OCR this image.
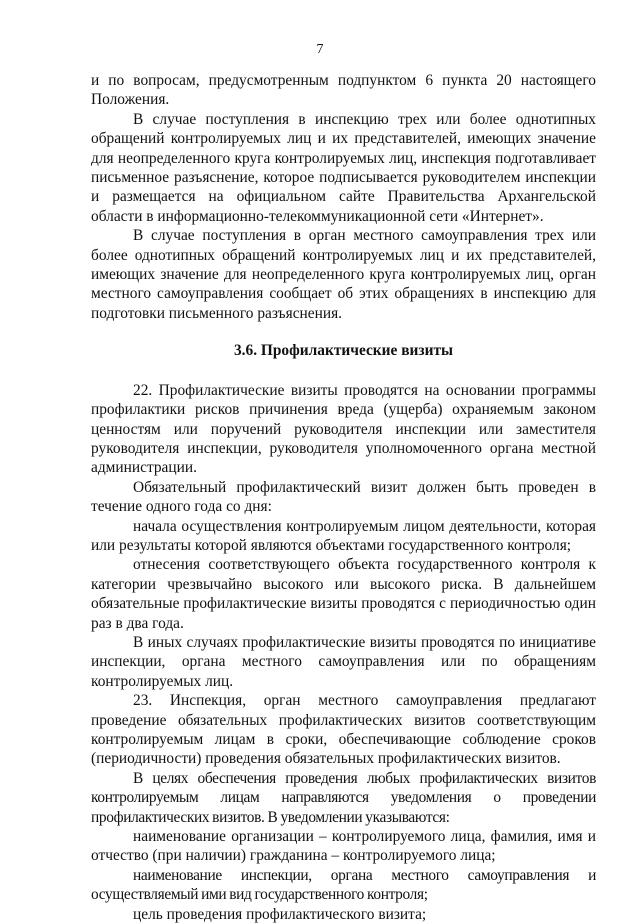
7

и по вопросам, предусмотренным подпунктом 6 пункта 20 настоящего Положения.

В случае поступления в инспекцию трех или более однотипных обращений контролируемых лиц и их представителей, имеющих значение для неопределенного круга контролируемых лиц, инспекция подготавливает письменное разъяснение, которое подписывается руководителем инспекции и размещается на официальном сайте Правительства Архангельской области в информационно-телекоммуникационной сети «Интернет».

В случае поступления в орган местного самоуправления трех или более однотипных обращений контролируемых лиц и их представителей, имеющих значение для неопределенного круга контролируемых лиц, орган местного самоуправления сообщает об этих обращениях в инспекцию для подготовки письменного разъяснения.

3.6. Профилактические визиты

22. Профилактические визиты проводятся на основании программы профилактики рисков причинения вреда (ущерба) охраняемым законом ценностям или поручений руководителя инспекции или заместителя руководителя инспекции, руководителя уполномоченного органа местной администрации.

Обязательный профилактический визит должен быть проведен в течение одного года со дня:

начала осуществления контролируемым лицом деятельности, которая или результаты которой являются объектами государственного контроля;

отнесения соответствующего объекта государственного контроля к категории чрезвычайно высокого или высокого риска. В дальнейшем обязательные профилактические визиты проводятся с периодичностью один раз в два года.

В иных случаях профилактические визиты проводятся по инициативе инспекции, органа местного самоуправления или по обращениям контролируемых лиц.

23. Инспекция, орган местного самоуправления предлагают проведение обязательных профилактических визитов соответствующим контролируемым лицам в сроки, обеспечивающие соблюдение сроков (периодичности) проведения обязательных профилактических визитов.

В целях обеспечения проведения любых профилактических визитов контролируемым лицам направляются уведомления о проведении профилактических визитов. В уведомлении указываются:

наименование организации – контролируемого лица, фамилия, имя и отчество (при наличии) гражданина – контролируемого лица;

наименование инспекции, органа местного самоуправления и осуществляемый ими вид государственного контроля;

цель проведения профилактического визита;
